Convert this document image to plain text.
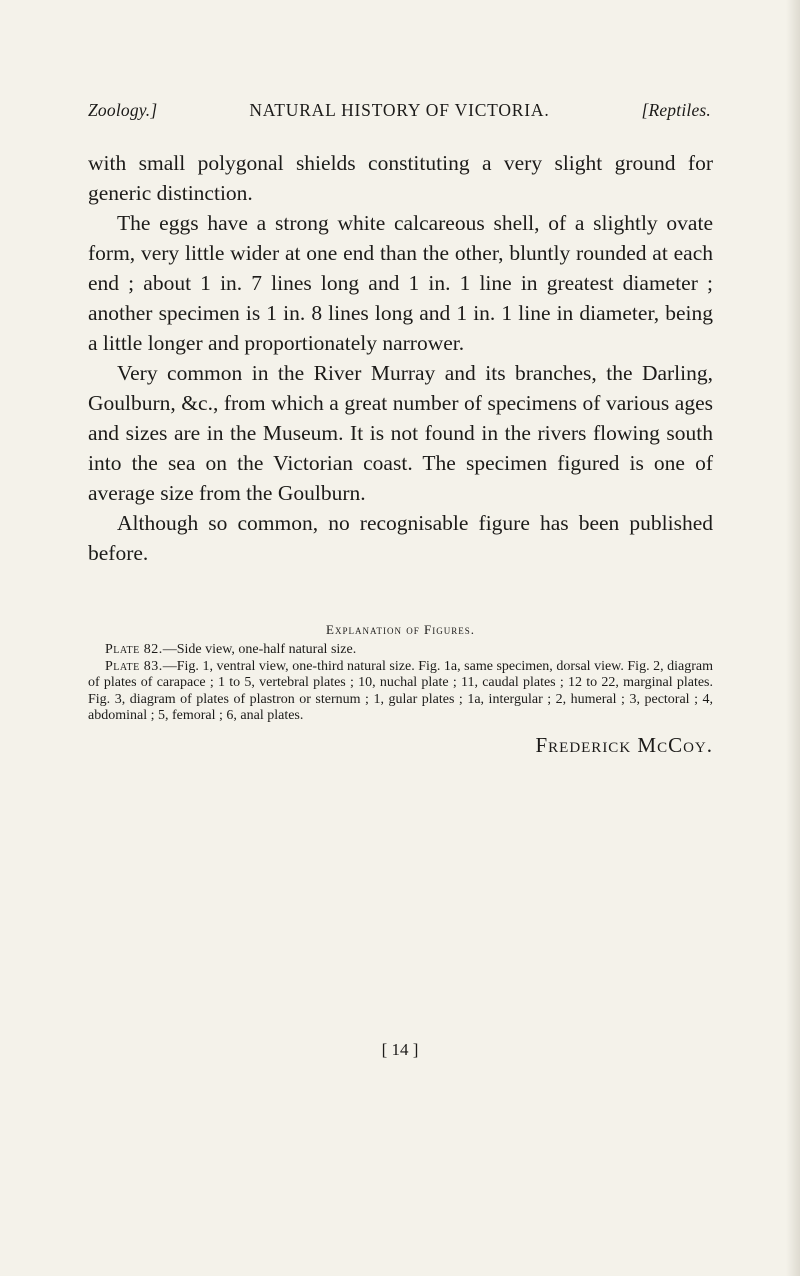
Zoology.]	NATURAL HISTORY OF VICTORIA.	[Reptiles.

with small polygonal shields constituting a very slight ground for generic distinction.

The eggs have a strong white calcareous shell, of a slightly ovate form, very little wider at one end than the other, bluntly rounded at each end ; about 1 in. 7 lines long and 1 in. 1 line in greatest diameter ; another specimen is 1 in. 8 lines long and 1 in. 1 line in diameter, being a little longer and proportionately narrower.

Very common in the River Murray and its branches, the Darling, Goulburn, &c., from which a great number of specimens of various ages and sizes are in the Museum. It is not found in the rivers flowing south into the sea on the Victorian coast. The specimen figured is one of average size from the Goulburn.

Although so common, no recognisable figure has been published before.

Explanation of Figures.

Plate 82.—Side view, one-half natural size.

Plate 83.—Fig. 1, ventral view, one-third natural size. Fig. 1a, same specimen, dorsal view. Fig. 2, diagram of plates of carapace ; 1 to 5, vertebral plates ; 10, nuchal plate ; 11, caudal plates ; 12 to 22, marginal plates. Fig. 3, diagram of plates of plastron or sternum ; 1, gular plates ; 1a, intergular ; 2, humeral ; 3, pectoral ; 4, abdominal ; 5, femoral ; 6, anal plates.

Frederick McCoy.
[ 14 ]
